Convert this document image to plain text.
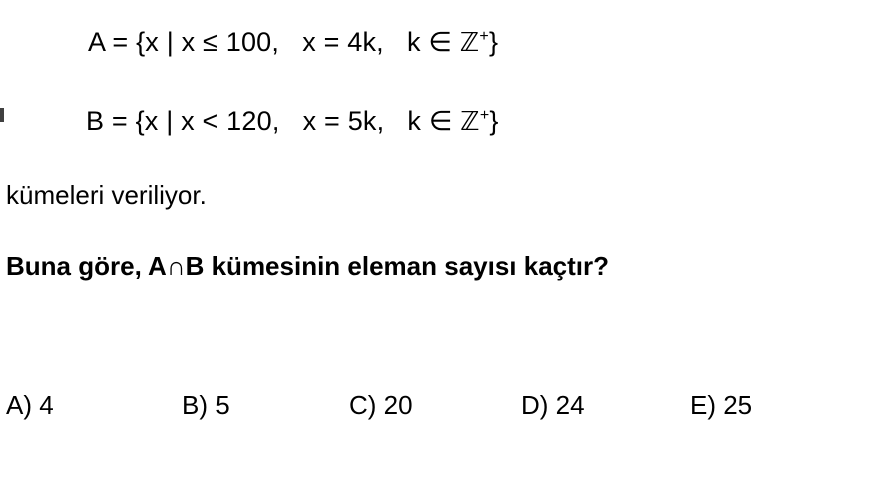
A = {x | x ≤ 100,   x = 4k,   k ∈ ℤ+}
B = {x | x < 120,   x = 5k,   k ∈ ℤ+}
kümeleri veriliyor.
Buna göre, A∩B kümesinin eleman sayısı kaçtır?
A) 4	B) 5	C) 20	D) 24	E) 25
